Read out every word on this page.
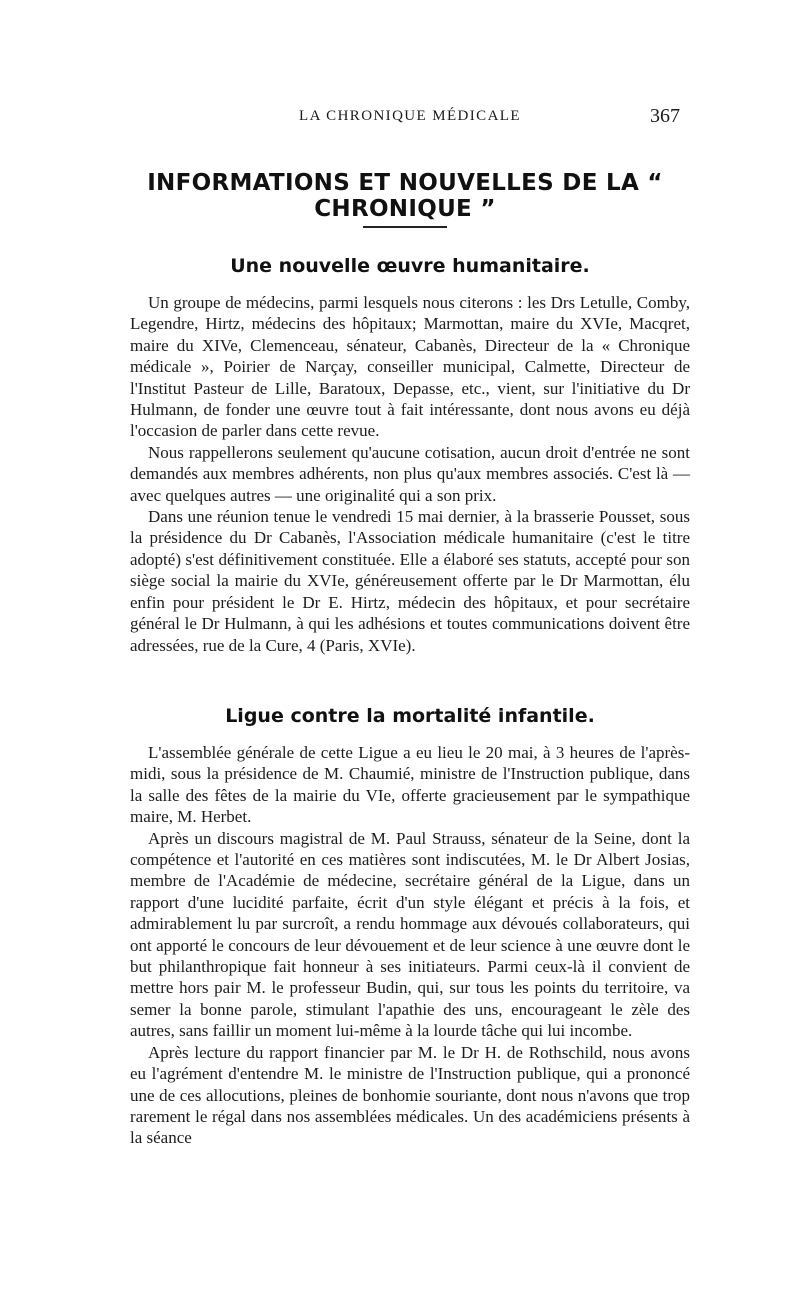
LA CHRONIQUE MÉDICALE	367
INFORMATIONS ET NOUVELLES DE LA “ CHRONIQUE ”
Une nouvelle œuvre humanitaire.

Un groupe de médecins, parmi lesquels nous citerons : les Drs Letulle, Comby, Legendre, Hirtz, médecins des hôpitaux; Marmottan, maire du XVIe, Macqret, maire du XIVe, Clemenceau, sénateur, Cabanès, Directeur de la « Chronique médicale », Poirier de Narçay, conseiller municipal, Calmette, Directeur de l'Institut Pasteur de Lille, Baratoux, Depasse, etc., vient, sur l'initiative du Dr Hulmann, de fonder une œuvre tout à fait intéressante, dont nous avons eu déjà l'occasion de parler dans cette revue.

Nous rappellerons seulement qu'aucune cotisation, aucun droit d'entrée ne sont demandés aux membres adhérents, non plus qu'aux membres associés. C'est là — avec quelques autres — une originalité qui a son prix.

Dans une réunion tenue le vendredi 15 mai dernier, à la brasserie Pousset, sous la présidence du Dr Cabanès, l'Association médicale humanitaire (c'est le titre adopté) s'est définitivement constituée. Elle a élaboré ses statuts, accepté pour son siège social la mairie du XVIe, généreusement offerte par le Dr Marmottan, élu enfin pour président le Dr E. Hirtz, médecin des hôpitaux, et pour secrétaire général le Dr Hulmann, à qui les adhésions et toutes communications doivent être adressées, rue de la Cure, 4 (Paris, XVIe).

Ligue contre la mortalité infantile.

L'assemblée générale de cette Ligue a eu lieu le 20 mai, à 3 heures de l'après-midi, sous la présidence de M. Chaumié, ministre de l'Instruction publique, dans la salle des fêtes de la mairie du VIe, offerte gracieusement par le sympathique maire, M. Herbet.

Après un discours magistral de M. Paul Strauss, sénateur de la Seine, dont la compétence et l'autorité en ces matières sont indiscutées, M. le Dr Albert Josias, membre de l'Académie de médecine, secrétaire général de la Ligue, dans un rapport d'une lucidité parfaite, écrit d'un style élégant et précis à la fois, et admirablement lu par surcroît, a rendu hommage aux dévoués collaborateurs, qui ont apporté le concours de leur dévouement et de leur science à une œuvre dont le but philanthropique fait honneur à ses initiateurs. Parmi ceux-là il convient de mettre hors pair M. le professeur Budin, qui, sur tous les points du territoire, va semer la bonne parole, stimulant l'apathie des uns, encourageant le zèle des autres, sans faillir un moment lui-même à la lourde tâche qui lui incombe.

Après lecture du rapport financier par M. le Dr H. de Rothschild, nous avons eu l'agrément d'entendre M. le ministre de l'Instruction publique, qui a prononcé une de ces allocutions, pleines de bonhomie souriante, dont nous n'avons que trop rarement le régal dans nos assemblées médicales. Un des académiciens présents à la séance
